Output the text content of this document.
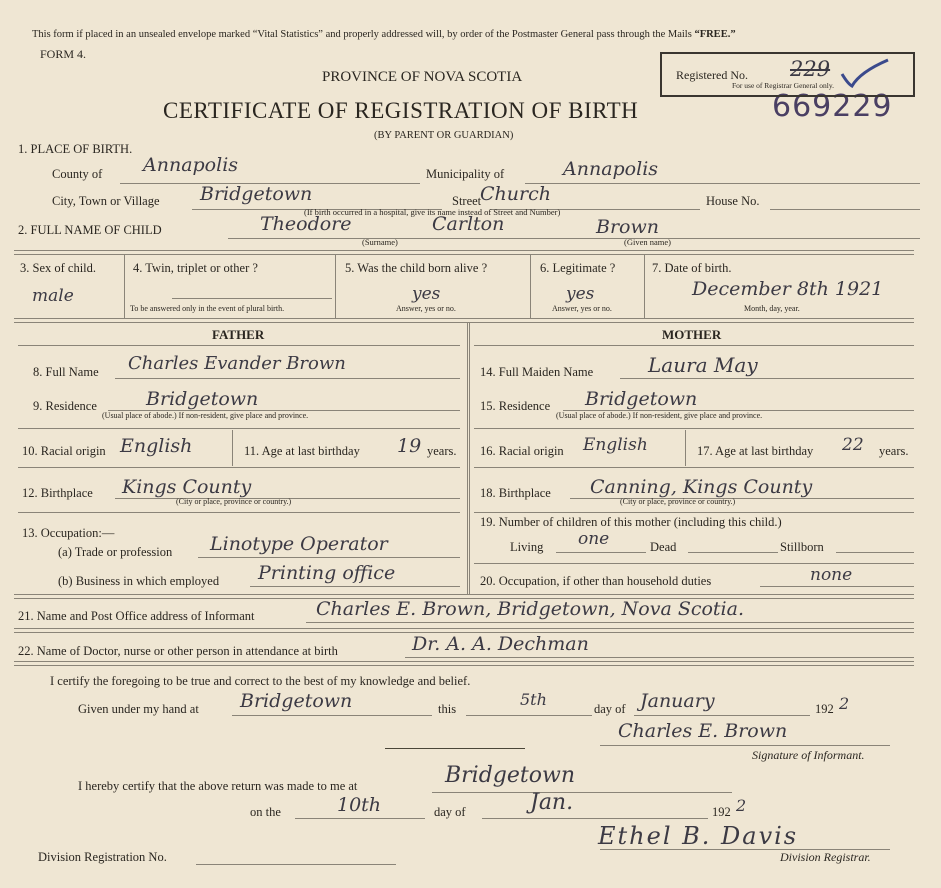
This form if placed in an unsealed envelope marked “Vital Statistics” and properly addressed will, by order of the Postmaster General pass through the Mails “FREE.”
FORM 4.
PROVINCE OF NOVA SCOTIA
CERTIFICATE OF REGISTRATION OF BIRTH
(BY PARENT OR GUARDIAN)
669229
Registered No. 229
For use of Registrar General only.
1. PLACE OF BIRTH.
County of Annapolis	Municipality of	Annapolis
City, Town or Village Bridgetown	Street
Church	House No.
(If birth occurred in a hospital, give its name instead of Street and Number)
2. FULL NAME OF CHILD	Theodore	Carlton	Brown
(Surname)	(Given name)
3. Sex of child.
male
4. Twin, triplet or other ?
To be answered only in the event of plural birth.
5. Was the child born alive ?
yes
Answer, yes or no.
6. Legitimate ?
yes
Answer, yes or no.
7. Date of birth.
December 8th 1921
Month, day, year.
FATHER
8. Full Name Charles Evander Brown
9. Residence	Bridgetown
(Usual place of abode.) If non-resident, give place and province.
10. Racial origin English	11. Age at last birthday 19 years.
12. Birthplace Kings County
(City or place, province or country.)
13. Occupation:—
(a) Trade or profession Linotype Operator
(b) Business in which employed Printing office
MOTHER
14. Full Maiden Name	Laura May
15. Residence Bridgetown
(Usual place of abode.) If non-resident, give place and province.
16. Racial origin English	17. Age at last birthday 22 years.
18. Birthplace Canning, Kings County
(City or place, province or country.)
19. Number of children of this mother (including this child.)
Living one	Dead	Stillborn
20. Occupation, if other than household duties	none
21. Name and Post Office address of Informant	Charles E. Brown, Bridgetown, Nova Scotia.
22. Name of Doctor, nurse or other person in attendance at birth	Dr. A. A. Dechman
I certify the foregoing to be true and correct to the best of my knowledge and belief.
Given under my hand at Bridgetown	this	5th	day of January	192 2
Charles E. Brown
Signature of Informant.
I hereby certify that the above return was made to me at	Bridgetown
on the	10th	day of	Jan.	192 2
Ethel B. Davis
Division Registration No.	Division Registrar.
